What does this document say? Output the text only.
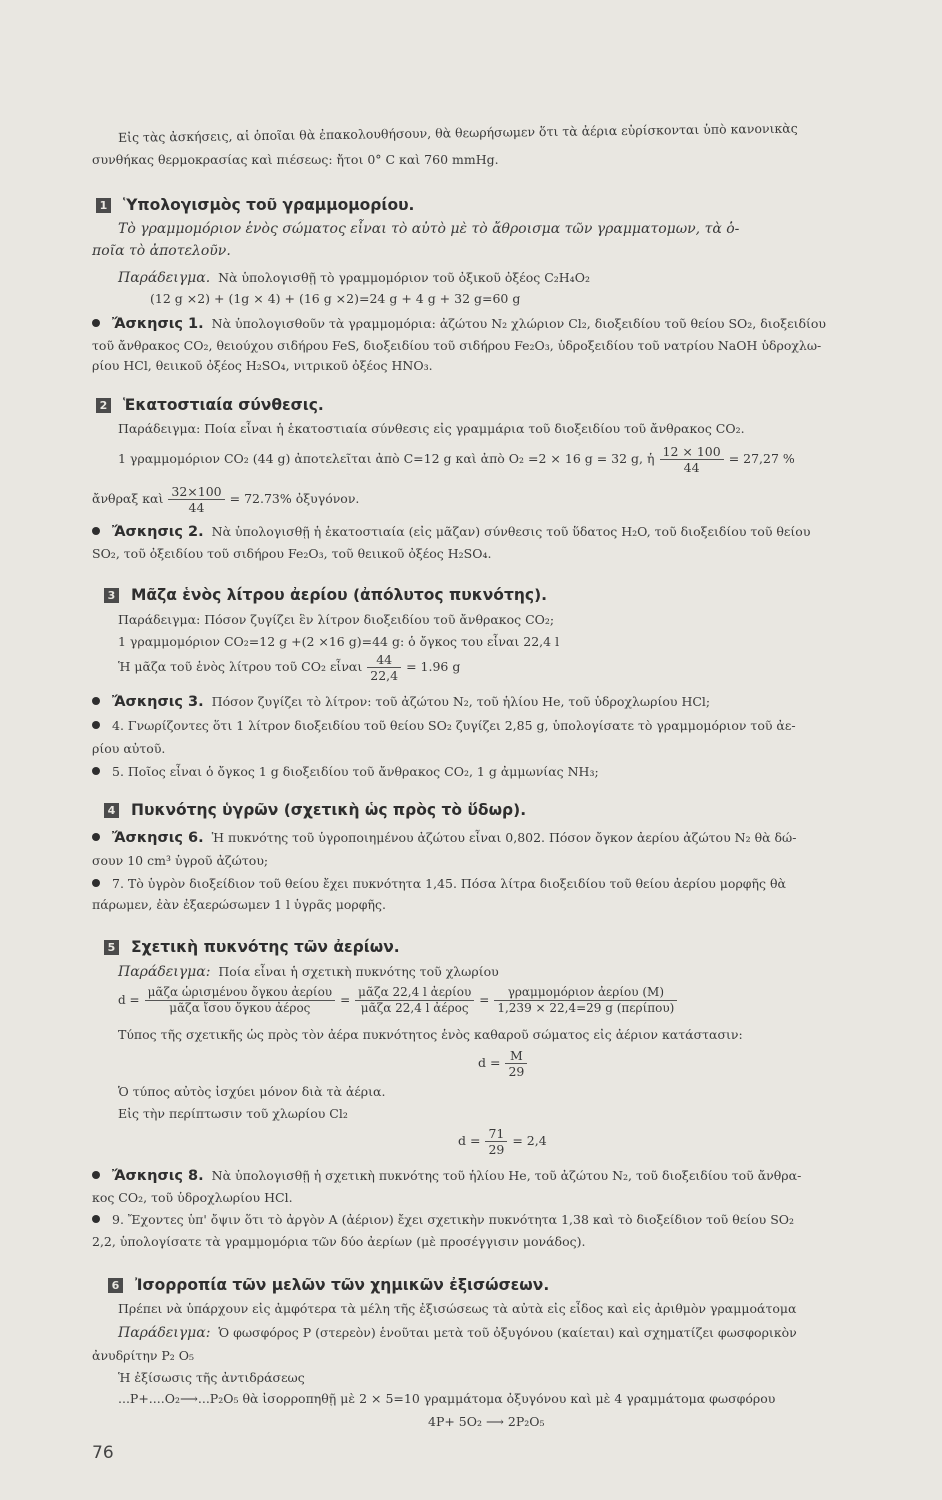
Εἰς τὰς ἀσκήσεις, αἱ ὁποῖαι θὰ ἐπακολουθήσουν, θὰ θεωρήσωμεν ὅτι τὰ ἀέρια εὑρίσκονται ὑπὸ κανονικὰς
συνθήκας θερμοκρασίας καὶ πιέσεως: ἤτοι 0° C καὶ 760 mmHg.
1 Ὑπολογισμὸς τοῦ γραμμομορίου.
Τὸ γραμμομόριον ἑνὸς σώματος εἶναι τὸ αὐτὸ μὲ τὸ ἄθροισμα τῶν γραμματομων, τὰ ὁ-
ποῖα τὸ ἀποτελοῦν.
Παράδειγμα. Νὰ ὑπολογισθῇ τὸ γραμμομόριον τοῦ ὀξικοῦ ὀξέος C₂H₄O₂
(12 g ×2) + (1g × 4) + (16 g ×2)=24 g + 4 g + 32 g=60 g
Ἄσκησις 1. Νὰ ὑπολογισθοῦν τὰ γραμμομόρια: ἀζώτου N₂ χλώριον Cl₂, διοξειδίου τοῦ θείου SO₂, διοξειδίου
τοῦ ἄνθρακος CO₂, θειούχου σιδήρου FeS, διοξειδίου τοῦ σιδήρου Fe₂O₃, ὑδροξειδίου τοῦ νατρίου NaOH ὑδροχλω-
ρίου HCl, θειικοῦ ὀξέος H₂SO₄, νιτρικοῦ ὀξέος HNO₃.
2 Ἑκατοστιαία σύνθεσις.
Παράδειγμα: Ποία εἶναι ἡ ἑκατοστιαία σύνθεσις εἰς γραμμάρια τοῦ διοξειδίου τοῦ ἄνθρακος CO₂.
1 γραμμομόριον CO₂ (44 g) ἀποτελεῖται ἀπὸ C=12 g καὶ ἀπὸ O₂ =2 × 16 g = 32 g, ἡ $\frac{12 \times 100}{44} = 27,27$ %
ἄνθραξ καὶ $\frac{32\times 100}{44} = 72.73\%$ ὀξυγόνον.
Ἄσκησις 2. Νὰ ὑπολογισθῇ ἡ ἑκατοστιαία (εἰς μᾶζαν) σύνθεσις τοῦ ὕδατος H₂O, τοῦ διοξειδίου τοῦ θείου
SO₂, τοῦ ὀξειδίου τοῦ σιδήρου Fe₂O₃, τοῦ θειικοῦ ὀξέος H₂SO₄.
3 Μᾶζα ἑνὸς λίτρου ἀερίου (ἀπόλυτος πυκνότης).
Παράδειγμα: Πόσον ζυγίζει ἓν λίτρον διοξειδίου τοῦ ἄνθρακος CO₂;
1 γραμμομόριον CO₂=12 g +(2 ×16 g)=44 g: ὁ ὄγκος του εἶναι 22,4 l
Ἡ μᾶζα τοῦ ἑνὸς λίτρου τοῦ CO₂ εἶναι $\frac{44}{22,4} = 1.96$ g
Ἄσκησις 3. Πόσον ζυγίζει τὸ λίτρον: τοῦ ἀζώτου N₂, τοῦ ἡλίου He, τοῦ ὑδροχλωρίου HCl;
4. Γνωρίζοντες ὅτι 1 λίτρον διοξειδίου τοῦ θείου SO₂ ζυγίζει 2,85 g, ὑπολογίσατε τὸ γραμμομόριον τοῦ ἀε-
ρίου αὐτοῦ.
5. Ποῖος εἶναι ὁ ὄγκος 1 g διοξειδίου τοῦ ἄνθρακος CO₂, 1 g ἀμμωνίας NH₃;
4 Πυκνότης ὑγρῶν (σχετικὴ ὡς πρὸς τὸ ὕδωρ).
Ἄσκησις 6. Ἡ πυκνότης τοῦ ὑγροποιημένου ἀζώτου εἶναι 0,802. Πόσον ὄγκον ἀερίου ἀζώτου N₂ θὰ δώ-
σουν 10 cm³ ὑγροῦ ἀζώτου;
7. Τὸ ὑγρὸν διοξείδιον τοῦ θείου ἔχει πυκνότητα 1,45. Πόσα λίτρα διοξειδίου τοῦ θείου ἀερίου μορφῆς θὰ
πάρωμεν, ἐὰν ἐξαερώσωμεν 1 l ὑγρᾶς μορφῆς.
5 Σχετικὴ πυκνότης τῶν ἀερίων.
Παράδειγμα: Ποία εἶναι ἡ σχετικὴ πυκνότης τοῦ χλωρίου
d =
μᾶζα ὡρισμένου ὄγκου ἀερίου
μᾶζα ἴσου ὄγκου ἀέρος
=
μᾶζα 22,4 l ἀερίου
μᾶζα 22,4 l ἀέρος
=
γραμμομόριον ἀερίου (M)
1,239 × 22,4=29 g (περίπου)
Τύπος τῆς σχετικῆς ὡς πρὸς τὸν ἀέρα πυκνότητος ἑνὸς καθαροῦ σώματος εἰς ἀέριον κατάστασιν:
$d = \frac{M}{29}$
Ὁ τύπος αὐτὸς ἰσχύει μόνον διὰ τὰ ἀέρια.
Εἰς τὴν περίπτωσιν τοῦ χλωρίου Cl₂
$d = \frac{71}{29} = 2,4$
Ἄσκησις 8. Νὰ ὑπολογισθῇ ἡ σχετικὴ πυκνότης τοῦ ἡλίου He, τοῦ ἀζώτου N₂, τοῦ διοξειδίου τοῦ ἄνθρα-
κος CO₂, τοῦ ὑδροχλωρίου HCl.
9. Ἔχοντες ὑπ' ὄψιν ὅτι τὸ ἀργὸν A (ἀέριον) ἔχει σχετικὴν πυκνότητα 1,38 καὶ τὸ διοξείδιον τοῦ θείου SO₂
2,2, ὑπολογίσατε τὰ γραμμομόρια τῶν δύο ἀερίων (μὲ προσέγγισιν μονάδος).
6 Ἰσορροπία τῶν μελῶν τῶν χημικῶν ἐξισώσεων.
Πρέπει νὰ ὑπάρχουν εἰς ἀμφότερα τὰ μέλη τῆς ἐξισώσεως τὰ αὐτὰ εἰς εἶδος καὶ εἰς ἀριθμὸν γραμμοάτομα
Παράδειγμα: Ὁ φωσφόρος P (στερεὸν) ἑνοῦται μετὰ τοῦ ὀξυγόνου (καίεται) καὶ σχηματίζει φωσφορικὸν
ἀνυδρίτην P₂ O₅
Ἡ ἐξίσωσις τῆς ἀντιδράσεως
...P+....O₂⟶...P₂O₅ θὰ ἰσορροπηθῇ μὲ 2 × 5=10 γραμμάτομα ὀξυγόνου καὶ μὲ 4 γραμμάτομα φωσφόρου
4P+ 5O₂ ⟶ 2P₂O₅
76
